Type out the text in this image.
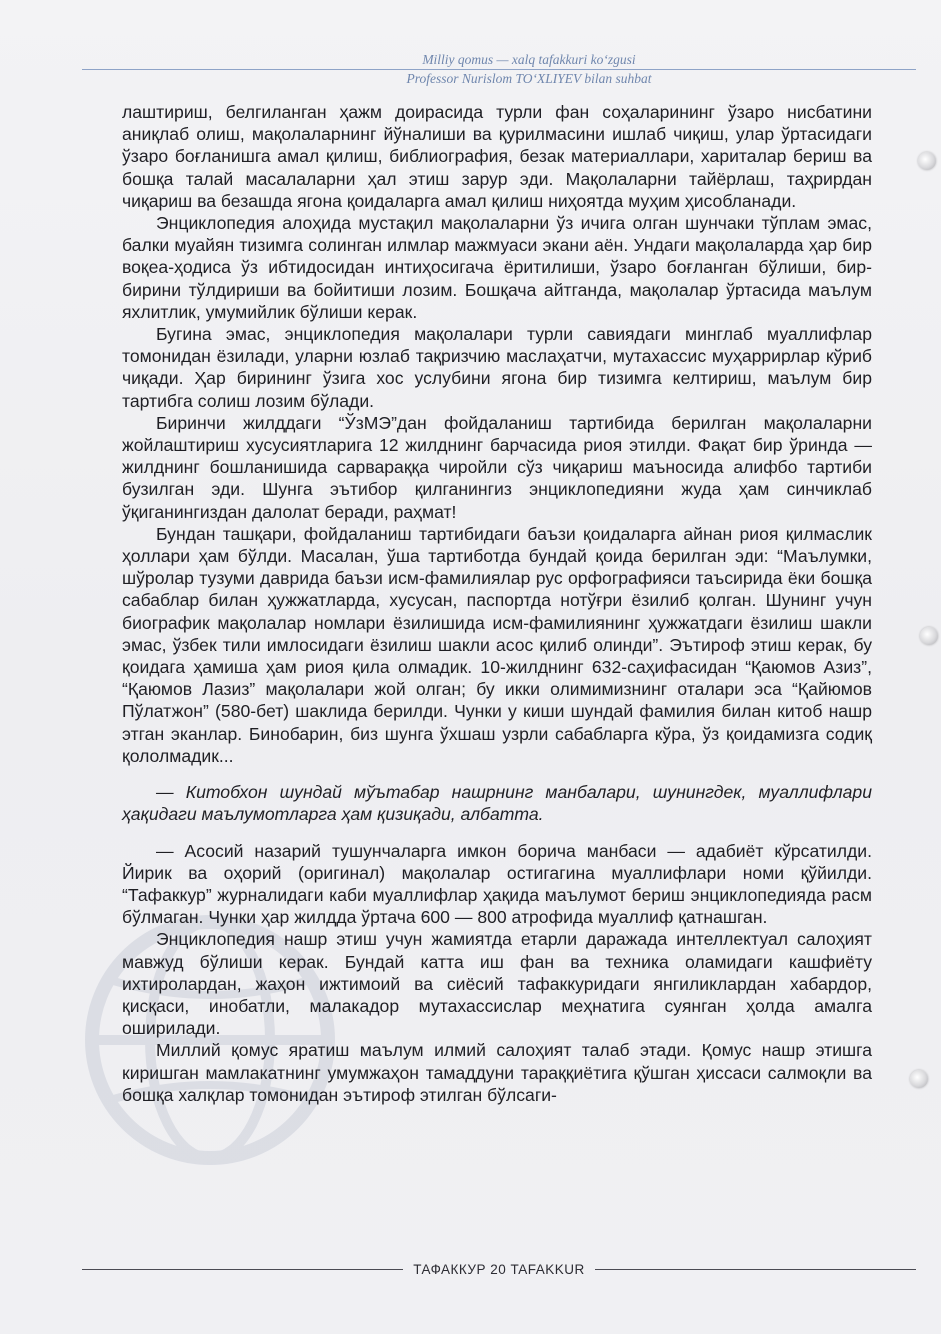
Milliy qomus — xalq tafakkuri ko‘zgusi
Professor Nurislom TO‘XLIYEV bilan suhbat

лаштириш, белгиланган ҳажм доирасида турли фан соҳаларининг ўзаро нисбатини аниқлаб олиш, мақолаларнинг йўналиши ва қурилмасини ишлаб чиқиш, улар ўртасидаги ўзаро боғланишга амал қилиш, библиография, безак материаллари, хариталар бериш ва бошқа талай масалаларни ҳал этиш зарур эди. Мақолаларни тайёрлаш, таҳрирдан чиқариш ва безашда ягона қоидаларга амал қилиш ниҳоятда муҳим ҳисобланади.

Энциклопедия алоҳида мустақил мақолаларни ўз ичига олган шунчаки тўплам эмас, балки муайян тизимга солинган илмлар мажмуаси экани аён. Ундаги мақолаларда ҳар бир воқеа-ҳодиса ўз ибтидосидан интиҳосигача ёритилиши, ўзаро боғланган бўлиши, бир-бирини тўлдириши ва бойитиши лозим. Бошқача айтганда, мақолалар ўртасида маълум яхлитлик, умумийлик бўлиши керак.

Бугина эмас, энциклопедия мақолалари турли савиядаги минглаб муаллифлар томонидан ёзилади, уларни юзлаб тақризчию маслаҳатчи, мутахассис муҳаррирлар кўриб чиқади. Ҳар бирининг ўзига хос услубини ягона бир тизимга келтириш, маълум бир тартибга солиш лозим бўлади.

Биринчи жилддаги “ЎзМЭ”дан фойдаланиш тартибида берилган мақолаларни жойлаштириш хусусиятларига 12 жилднинг барчасида риоя этилди. Фақат бир ўринда — жилднинг бошланишида сарвараққа чиройли сўз чиқариш маъносида алифбо тартиби бузилган эди. Шунга эътибор қилганингиз энциклопедияни жуда ҳам синчиклаб ўқиганингиздан далолат беради, раҳмат!

Бундан ташқари, фойдаланиш тартибидаги баъзи қоидаларга айнан риоя қилмаслик ҳоллари ҳам бўлди. Масалан, ўша тартиботда бундай қоида берилган эди: “Маълумки, шўролар тузуми даврида баъзи исм-фамилиялар рус орфографияси таъсирида ёки бошқа сабаблар билан ҳужжатларда, хусусан, паспортда нотўғри ёзилиб қолган. Шунинг учун биографик мақолалар номлари ёзилишида исм-фамилиянинг ҳужжатдаги ёзилиш шакли эмас, ўзбек тили имлосидаги ёзилиш шакли асос қилиб олинди”. Эътироф этиш керак, бу қоидага ҳамиша ҳам риоя қила олмадик. 10-жилднинг 632-саҳифасидан “Қаюмов Азиз”, “Қаюмов Лазиз” мақолалари жой олган; бу икки олимимизнинг оталари эса “Қайюмов Пўлатжон” (580-бет) шаклида берилди. Чунки у киши шундай фамилия билан китоб нашр этган эканлар. Бинобарин, биз шунга ўхшаш узрли сабабларга кўра, ўз қоидамизга содиқ қололмадик...

— Китобхон шундай мўътабар нашрнинг манбалари, шунингдек, муаллифлари ҳақидаги маълумотларга ҳам қизиқади, албатта.

— Асосий назарий тушунчаларга имкон борича манбаси — адабиёт кўрсатилди. Йирик ва оҳорий (оригинал) мақолалар остигагина муаллифлари номи қўйилди. “Тафаккур” журналидаги каби муаллифлар ҳақида маълумот бериш энциклопедияда расм бўлмаган. Чунки ҳар жилдда ўртача 600 — 800 атрофида муаллиф қатнашган.

Энциклопедия нашр этиш учун жамиятда етарли даражада интеллектуал салоҳият мавжуд бўлиши керак. Бундай катта иш фан ва техника оламидаги кашфиёту ихтиролардан, жаҳон ижтимоий ва сиёсий тафаккуридаги янгиликлардан хабардор, қисқаси, инобатли, малакадор мутахассислар меҳнатига суянган ҳолда амалга оширилади.

Миллий қомус яратиш маълум илмий салоҳият талаб этади. Қомус нашр этишга киришган мамлакатнинг умумжаҳон тамаддуни тараққиётига қўшган ҳиссаси салмоқли ва бошқа халқлар томонидан эътироф этилган бўлсаги-

ТАФАККУР 20 TAFAKKUR
